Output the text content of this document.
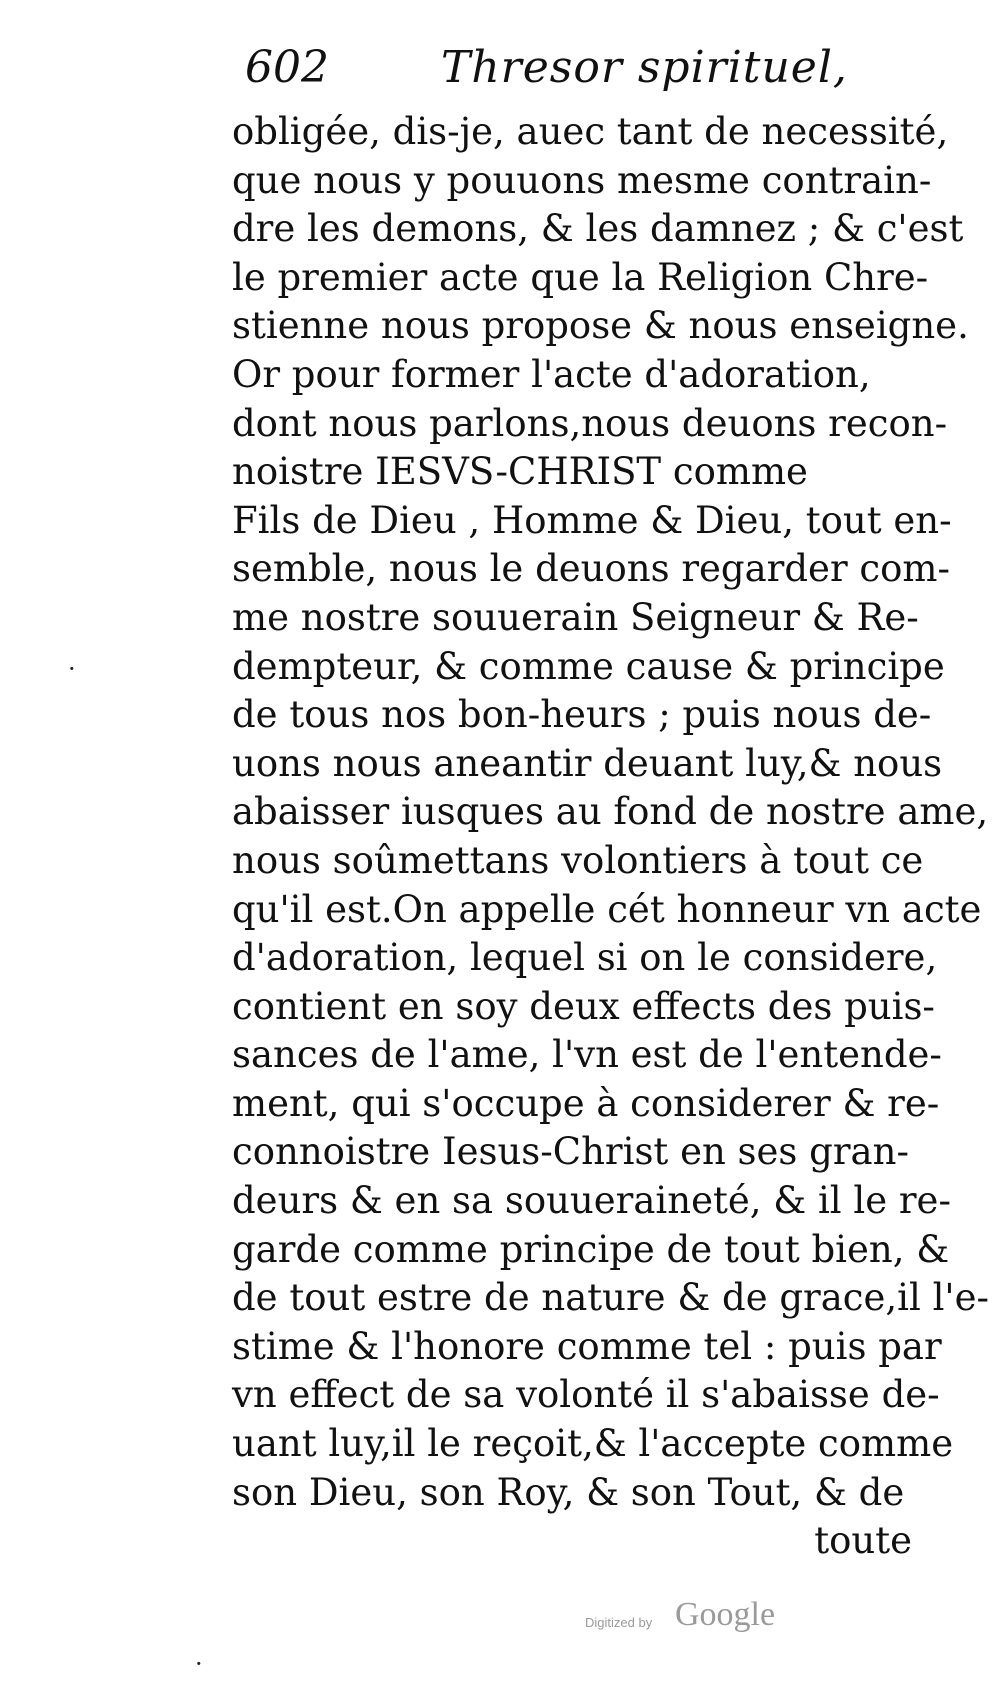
602	Thresor spirituel,
obligée, dis-je, auec tant de necessité,
que nous y pouuons mesme contrain-
dre les demons, & les damnez ; & c'est
le premier acte que la Religion Chre-
stienne nous propose & nous enseigne.
Or pour former l'acte d'adoration,
dont nous parlons,nous deuons recon-
noistre IESVS-CHRIST comme
Fils de Dieu , Homme & Dieu, tout en-
semble, nous le deuons regarder com-
me nostre souuerain Seigneur & Re-
dempteur, & comme cause & principe
de tous nos bon-heurs ; puis nous de-
uons nous aneantir deuant luy,& nous
abaisser iusques au fond de nostre ame,
nous soûmettans volontiers à tout ce
qu'il est.On appelle cét honneur vn acte
d'adoration, lequel si on le considere,
contient en soy deux effects des puis-
sances de l'ame, l'vn est de l'entende-
ment, qui s'occupe à considerer & re-
connoistre Iesus-Christ en ses gran-
deurs & en sa souueraineté, & il le re-
garde comme principe de tout bien, &
de tout estre de nature & de grace,il l'e-
stime & l'honore comme tel : puis par
vn effect de sa volonté il s'abaisse de-
uant luy,il le reçoit,& l'accepte comme
son Dieu, son Roy, & son Tout, & de
toute
·
·
Digitized by Google
